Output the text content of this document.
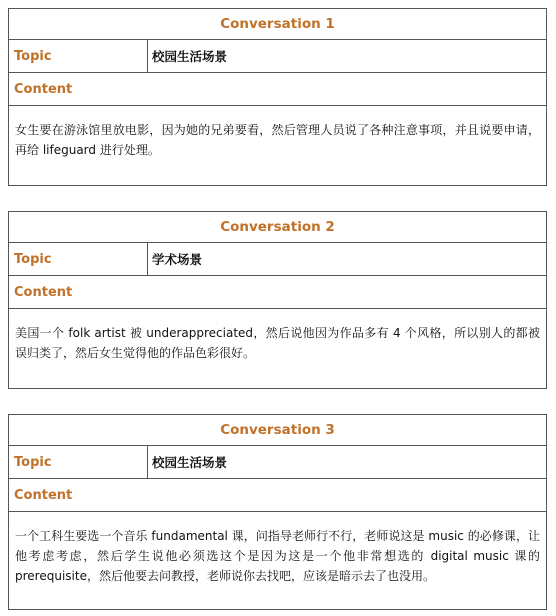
Conversation 1
Topic	校园生活场景
Content
女生要在游泳馆里放电影，因为她的兄弟要看，然后管理人员说了各种注意事项，并且说要申请，再给 lifeguard 进行处理。
Conversation 2
Topic	学术场景
Content
美国一个 folk artist 被 underappreciated，然后说他因为作品多有 4 个风格，所以别人的都被误归类了，然后女生觉得他的作品色彩很好。
Conversation 3
Topic	校园生活场景
Content
一个工科生要选一个音乐 fundamental 课，问指导老师行不行，老师说这是 music 的必修课，让他考虑考虑，然后学生说他必须选这个是因为这是一个他非常想选的 digital music 课的 prerequisite，然后他要去问教授，老师说你去找吧，应该是暗示去了也没用。
